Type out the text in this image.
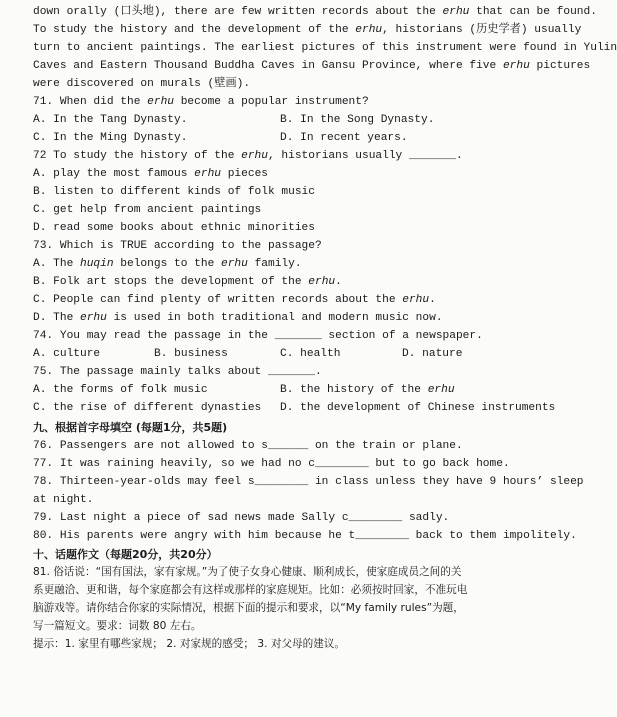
down orally (口头地), there are few written records about the erhu that can be found.
To study the history and the development of the erhu, historians (历史学者) usually
turn to ancient paintings. The earliest pictures of this instrument were found in Yulin
Caves and Eastern Thousand Buddha Caves in Gansu Province, where five erhu pictures
were discovered on murals (壁画).
71. When did the erhu become a popular instrument?
A. In the Tang Dynasty.	B. In the Song Dynasty.
C. In the Ming Dynasty.	D. In recent years.
72 To study the history of the erhu, historians usually _______.
A. play the most famous erhu pieces
B. listen to different kinds of folk music
C. get help from ancient paintings
D. read some books about ethnic minorities
73. Which is TRUE according to the passage?
A. The huqin belongs to the erhu family.
B. Folk art stops the development of the erhu.
C. People can find plenty of written records about the erhu.
D. The erhu is used in both traditional and modern music now.
74. You may read the passage in the _______ section of a newspaper.
A. culture	B. business	C. health	D. nature
75. The passage mainly talks about _______.
A. the forms of folk music	B. the history of the erhu
C. the rise of different dynasties D. the development of Chinese instruments
九、根据首字母填空 (每题1分，共5题)
76. Passengers are not allowed to s______ on the train or plane.
77. It was raining heavily, so we had no c________ but to go back home.
78. Thirteen-year-olds may feel s________ in class unless they have 9 hours’ sleep
at night.
79. Last night a piece of sad news made Sally c________ sadly.
80. His parents were angry with him because he t________ back to them impolitely.
十、话题作文（每题20分，共20分）
81. 俗话说：“国有国法，家有家规。”为了使子女身心健康、顺利成长，使家庭成员之间的关
系更融洽、更和谐，每个家庭都会有这样或那样的家庭规矩。比如：必须按时回家，不准玩电
脑游戏等。请你结合你家的实际情况，根据下面的提示和要求，以“My family rules”为题，
写一篇短文。要求：词数 80 左右。
提示：1. 家里有哪些家规； 2. 对家规的感受； 3. 对父母的建议。
